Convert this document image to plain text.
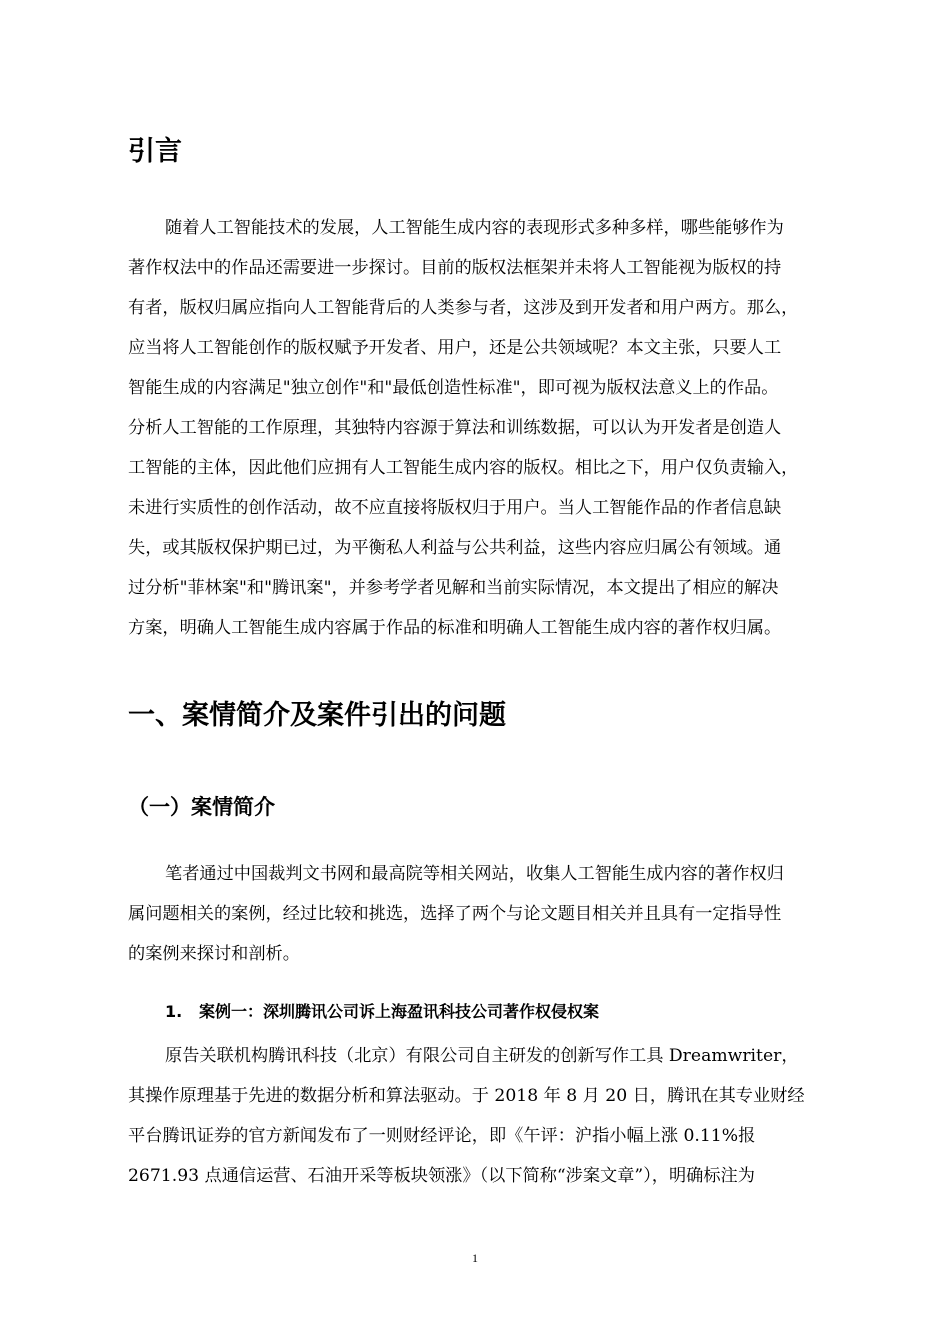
引言
随着人工智能技术的发展，人工智能生成内容的表现形式多种多样，哪些能够作为
著作权法中的作品还需要进一步探讨。目前的版权法框架并未将人工智能视为版权的持
有者，版权归属应指向人工智能背后的人类参与者，这涉及到开发者和用户两方。那么，
应当将人工智能创作的版权赋予开发者、用户，还是公共领域呢？本文主张，只要人工
智能生成的内容满足"独立创作"和"最低创造性标准"，即可视为版权法意义上的作品。
分析人工智能的工作原理，其独特内容源于算法和训练数据，可以认为开发者是创造人
工智能的主体，因此他们应拥有人工智能生成内容的版权。相比之下，用户仅负责输入，
未进行实质性的创作活动，故不应直接将版权归于用户。当人工智能作品的作者信息缺
失，或其版权保护期已过，为平衡私人利益与公共利益，这些内容应归属公有领域。通
过分析"菲林案"和"腾讯案"，并参考学者见解和当前实际情况，本文提出了相应的解决
方案，明确人工智能生成内容属于作品的标准和明确人工智能生成内容的著作权归属。
一、案情简介及案件引出的问题
（一）案情简介
笔者通过中国裁判文书网和最高院等相关网站，收集人工智能生成内容的著作权归
属问题相关的案例，经过比较和挑选，选择了两个与论文题目相关并且具有一定指导性
的案例来探讨和剖析。
1. 案例一：深圳腾讯公司诉上海盈讯科技公司著作权侵权案
原告关联机构腾讯科技（北京）有限公司自主研发的创新写作工具 Dreamwriter，
其操作原理基于先进的数据分析和算法驱动。于 2018 年 8 月 20 日，腾讯在其专业财经
平台腾讯证券的官方新闻发布了一则财经评论，即《午评：沪指小幅上涨 0.11%报
2671.93 点通信运营、石油开采等板块领涨》（以下简称“涉案文章”），明确标注为
1
